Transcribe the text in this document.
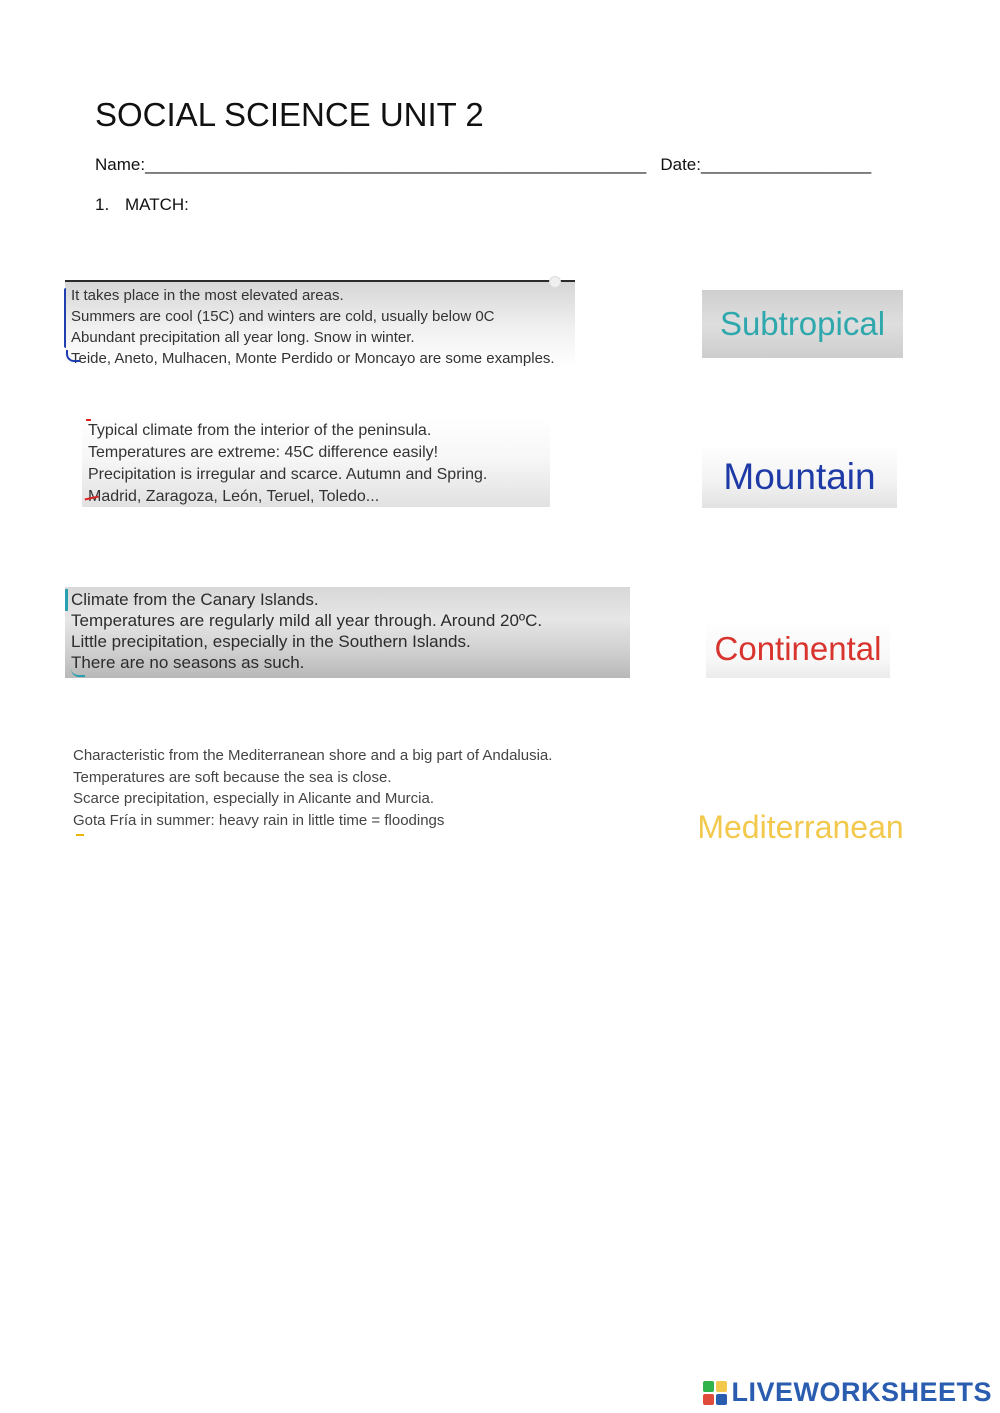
SOCIAL SCIENCE UNIT 2
Name:_____________________________________________________ Date:__________________
1. MATCH:
It takes place in the most elevated areas.
Summers are cool (15C) and winters are cold, usually below 0C
Abundant precipitation all year long. Snow in winter.
Teide, Aneto, Mulhacen, Monte Perdido or Moncayo are some examples.
Typical climate from the interior of the peninsula.
Temperatures are extreme: 45C difference easily!
Precipitation is irregular and scarce. Autumn and Spring.
Madrid, Zaragoza, León, Teruel, Toledo...
Climate from the Canary Islands.
Temperatures are regularly mild all year through. Around 20ºC.
Little precipitation, especially in the Southern Islands.
There are no seasons as such.
Characteristic from the Mediterranean shore and a big part of Andalusia.
Temperatures are soft because the sea is close.
Scarce precipitation, especially in Alicante and Murcia.
Gota Fría in summer: heavy rain in little time = floodings
Subtropical
Mountain
Continental
Mediterranean
LIVEWORKSHEETS
